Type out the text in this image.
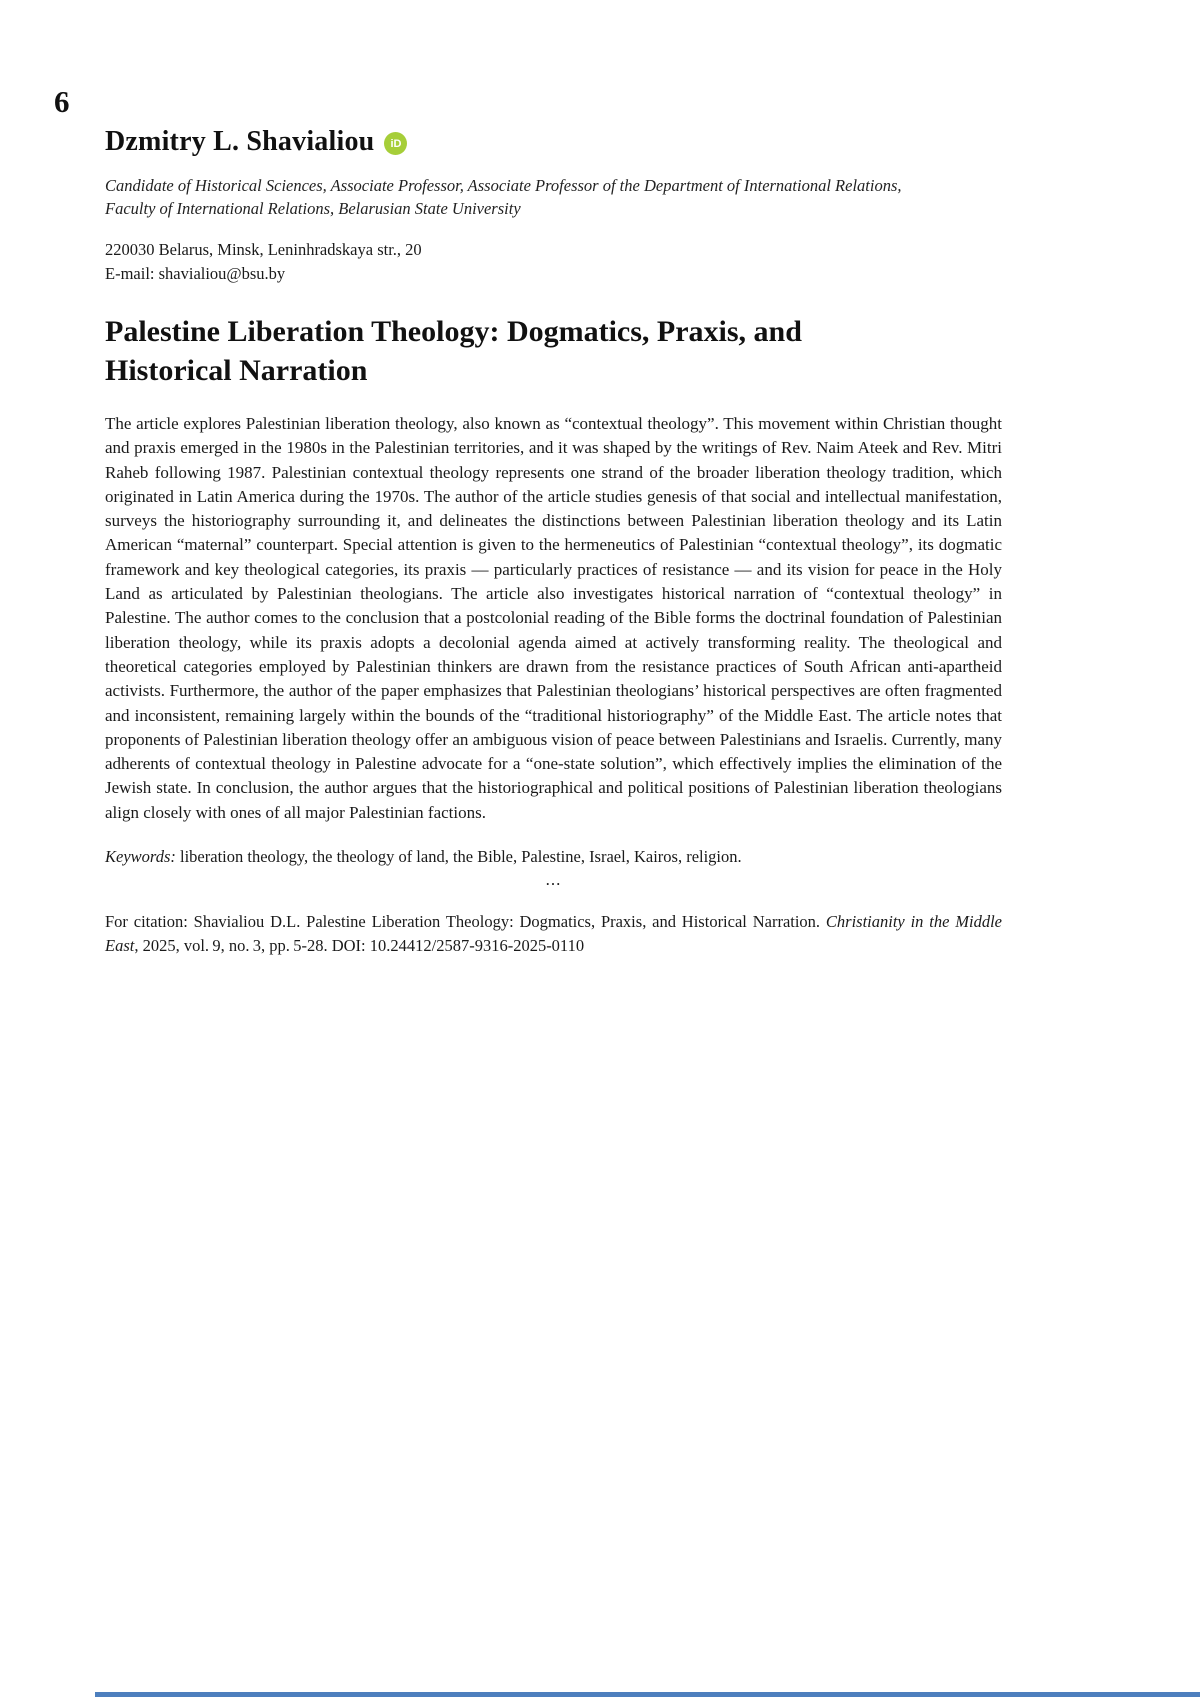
6
Dzmitry L. Shavialiou	iD
Candidate of Historical Sciences, Associate Professor, Associate Professor of the Department of International Relations, Faculty of International Relations, Belarusian State University
220030 Belarus, Minsk, Leninhradskaya str., 20
E-mail: shavialiou@bsu.by
Palestine Liberation Theology: Dogmatics, Praxis, and Historical Narration

The article explores Palestinian liberation theology, also known as “contextual theology”. This movement within Christian thought and praxis emerged in the 1980s in the Palestinian territories, and it was shaped by the writings of Rev. Naim Ateek and Rev. Mitri Raheb following 1987. Palestinian contextual theology represents one strand of the broader liberation theology tradition, which originated in Latin America during the 1970s. The author of the article studies genesis of that social and intellectual manifestation, surveys the historiography surrounding it, and delineates the distinctions between Palestinian liberation theology and its Latin American “maternal” counterpart. Special attention is given to the hermeneutics of Palestinian “contextual theology”, its dogmatic framework and key theological categories, its praxis — particularly practices of resistance — and its vision for peace in the Holy Land as articulated by Palestinian theologians. The article also investigates historical narration of “contextual theology” in Palestine. The author comes to the conclusion that a postcolonial reading of the Bible forms the doctrinal foundation of Palestinian liberation theology, while its praxis adopts a decolonial agenda aimed at actively transforming reality. The theological and theoretical categories employed by Palestinian thinkers are drawn from the resistance practices of South African anti-apartheid activists. Furthermore, the author of the paper emphasizes that Palestinian theologians’ historical perspectives are often fragmented and inconsistent, remaining largely within the bounds of the “traditional historiography” of the Middle East. The article notes that proponents of Palestinian liberation theology offer an ambiguous vision of peace between Palestinians and Israelis. Currently, many adherents of contextual theology in Palestine advocate for a “one-state solution”, which effectively implies the elimination of the Jewish state. In conclusion, the author argues that the historiographical and political positions of Palestinian liberation theologians align closely with ones of all major Palestinian factions.

Keywords: liberation theology, the theology of land, the Bible, Palestine, Israel, Kairos, religion.

...

For citation: Shavialiou D.L. Palestine Liberation Theology: Dogmatics, Praxis, and Historical Narration. Christianity in the Middle East, 2025, vol. 9, no. 3, pp. 5-28. DOI: 10.24412/2587-9316-2025-0110
